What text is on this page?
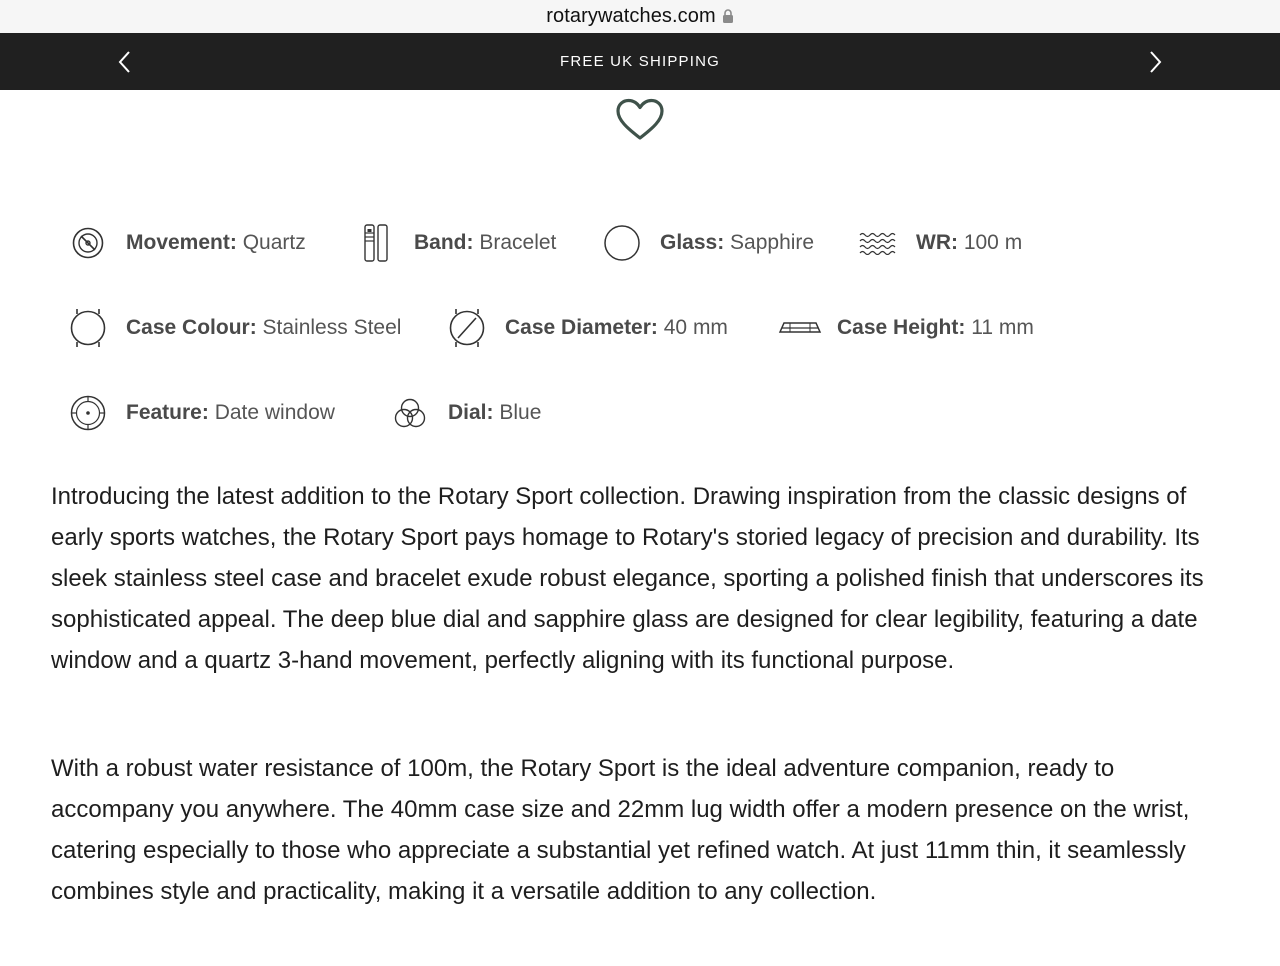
rotarywatches.com
FREE UK SHIPPING
Movement: Quartz	Band: Bracelet	Glass: Sapphire	WR: 100 m
Case Colour: Stainless Steel	Case Diameter: 40 mm	Case Height: 11 mm
Feature: Date window	Dial: Blue

Introducing the latest addition to the Rotary Sport collection. Drawing inspiration from the classic designs of early sports watches, the Rotary Sport pays homage to Rotary's storied legacy of precision and durability. Its sleek stainless steel case and bracelet exude robust elegance, sporting a polished finish that underscores its sophisticated appeal. The deep blue dial and sapphire glass are designed for clear legibility, featuring a date window and a quartz 3-hand movement, perfectly aligning with its functional purpose.

With a robust water resistance of 100m, the Rotary Sport is the ideal adventure companion, ready to accompany you anywhere. The 40mm case size and 22mm lug width offer a modern presence on the wrist, catering especially to those who appreciate a substantial yet refined watch. At just 11mm thin, it seamlessly combines style and practicality, making it a versatile addition to any collection.
